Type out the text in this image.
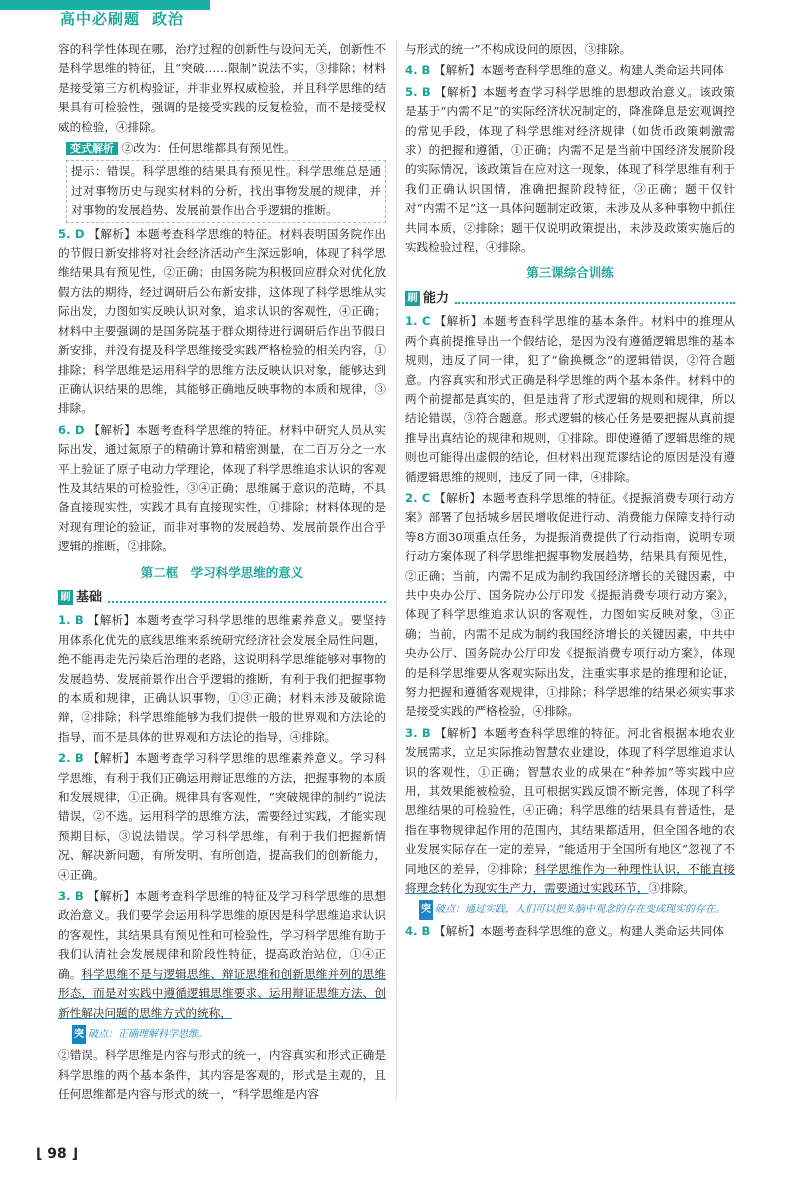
高中必刷题 政治

容的科学性体现在哪，治疗过程的创新性与设问无关，创新性不是科学思维的特征，且“突破……限制”说法不实，③排除；材料是接受第三方机构验证，并非业界权威检验，并且科学思维的结果具有可检验性，强调的是接受实践的反复检验，而不是接受权威的检验，④排除。

变式解析 ②改为：任何思维都具有预见性。
提示：错误。科学思维的结果具有预见性。科学思维总是通过对事物历史与现实材料的分析，找出事物发展的规律，并对事物的发展趋势、发展前景作出合乎逻辑的推断。

5. D 【解析】本题考查科学思维的特征。材料表明国务院作出的节假日新安排将对社会经济活动产生深远影响，体现了科学思维结果具有预见性，②正确；由国务院为积极回应群众对优化放假方法的期待，经过调研后公布新安排，这体现了科学思维从实际出发，力图如实反映认识对象，追求认识的客观性，④正确；材料中主要强调的是国务院基于群众期待进行调研后作出节假日新安排，并没有提及科学思维接受实践严格检验的相关内容，①排除；科学思维是运用科学的思维方法反映认识对象，能够达到正确认识结果的思维，其能够正确地反映事物的本质和规律，③排除。

6. D 【解析】本题考查科学思维的特征。材料中研究人员从实际出发，通过氮原子的精确计算和精密测量，在二百万分之一水平上验证了原子电动力学理论，体现了科学思维追求认识的客观性及其结果的可检验性，③④正确；思维属于意识的范畴，不具备直接现实性，实践才具有直接现实性，①排除；材料体现的是对现有理论的验证，而非对事物的发展趋势、发展前景作出合乎逻辑的推断，②排除。

第二框　学习科学思维的意义
刷 基础

1. B 【解析】本题考查学习科学思维的思维素养意义。要坚持用体系化优先的底线思维来系统研究经济社会发展全局性问题，绝不能再走先污染后治理的老路，这说明科学思维能够对事物的发展趋势、发展前景作出合乎逻辑的推断，有利于我们把握事物的本质和规律，正确认识事物，①③正确；材料未涉及破除诡辩，②排除；科学思维能够为我们提供一般的世界观和方法论的指导，而不是具体的世界观和方法论的指导，④排除。

2. B 【解析】本题考查学习科学思维的思维素养意义。学习科学思维，有利于我们正确运用辩证思维的方法，把握事物的本质和发展规律，①正确。规律具有客观性，“突破规律的制约”说法错误，②不选。运用科学的思维方法，需要经过实践，才能实现预期目标，③说法错误。学习科学思维，有利于我们把握新情况、解决新问题，有所发明、有所创造，提高我们的创新能力，④正确。

3. B 【解析】本题考查科学思维的特征及学习科学思维的思想政治意义。我们要学会运用科学思维的原因是科学思维追求认识的客观性，其结果具有预见性和可检验性，学习科学思维有助于我们认清社会发展规律和阶段性特征，提高政治站位，①④正确。科学思维不是与逻辑思维、辩证思维和创新思维并列的思维形态，而是对实践中遵循逻辑思维要求、运用辩证思维方法、创新性解决问题的思维方式的统称，

突 破点：正确理解科学思维。

②错误。科学思维是内容与形式的统一，内容真实和形式正确是科学思维的两个基本条件，其内容是客观的，形式是主观的，且任何思维都是内容与形式的统一，“科学思维是内容

与形式的统一”不构成设问的原因，③排除。

4. B 【解析】本题考查科学思维的意义。构建人类命运共同体

5. B 【解析】本题考查学习科学思维的思想政治意义。该政策是基于“内需不足”的实际经济状况制定的，降准降息是宏观调控的常见手段，体现了科学思维对经济规律（如货币政策刺激需求）的把握和遵循，①正确；内需不足是当前中国经济发展阶段的实际情况，该政策旨在应对这一现象，体现了科学思维有利于我们正确认识国情，准确把握阶段特征，③正确；题干仅针对“内需不足”这一具体问题制定政策，未涉及从多种事物中抓住共同本质，②排除；题干仅说明政策提出，未涉及政策实施后的实践检验过程，④排除。

第三课综合训练
刷 能力

1. C 【解析】本题考查科学思维的基本条件。材料中的推理从两个真前提推导出一个假结论，是因为没有遵循逻辑思维的基本规则，违反了同一律，犯了“偷换概念”的逻辑错误，②符合题意。内容真实和形式正确是科学思维的两个基本条件。材料中的两个前提都是真实的，但是违背了形式逻辑的规则和规律，所以结论错误，③符合题意。形式逻辑的核心任务是要把握从真前提推导出真结论的规律和规则，①排除。即使遵循了逻辑思维的规则也可能得出虚假的结论，但材料出现荒谬结论的原因是没有遵循逻辑思维的规则，违反了同一律，④排除。

2. C 【解析】本题考查科学思维的特征。《提振消费专项行动方案》部署了包括城乡居民增收促进行动、消费能力保障支持行动等8方面30项重点任务，为提振消费提供了行动指南，说明专项行动方案体现了科学思维把握事物发展趋势，结果具有预见性，②正确；当前，内需不足成为制约我国经济增长的关键因素，中共中央办公厅、国务院办公厅印发《提振消费专项行动方案》，体现了科学思维追求认识的客观性，力图如实反映对象，③正确；当前，内需不足成为制约我国经济增长的关键因素，中共中央办公厅、国务院办公厅印发《提振消费专项行动方案》，体现的是科学思维要从客观实际出发，注重实事求是的推理和论证，努力把握和遵循客观规律，①排除；科学思维的结果必须实事求是接受实践的严格检验，④排除。

3. B 【解析】本题考查科学思维的特征。河北省根据本地农业发展需求，立足实际推动智慧农业建设，体现了科学思维追求认识的客观性，①正确；智慧农业的成果在“种养加”等实践中应用，其效果能被检验，且可根据实践反馈不断完善，体现了科学思维结果的可检验性，④正确；科学思维的结果具有普适性，是指在事物规律起作用的范围内，其结果都适用，但全国各地的农业发展实际存在一定的差异，“能适用于全国所有地区”忽视了不同地区的差异，②排除；科学思维作为一种理性认识，不能直接将理念转化为现实生产力，需要通过实践环节，③排除。

突 破点：通过实践，人们可以把头脑中观念的存在变成现实的存在。

4. B 【解析】本题考查科学思维的意义。构建人类命运共同体

⌊ 98 ⌋
